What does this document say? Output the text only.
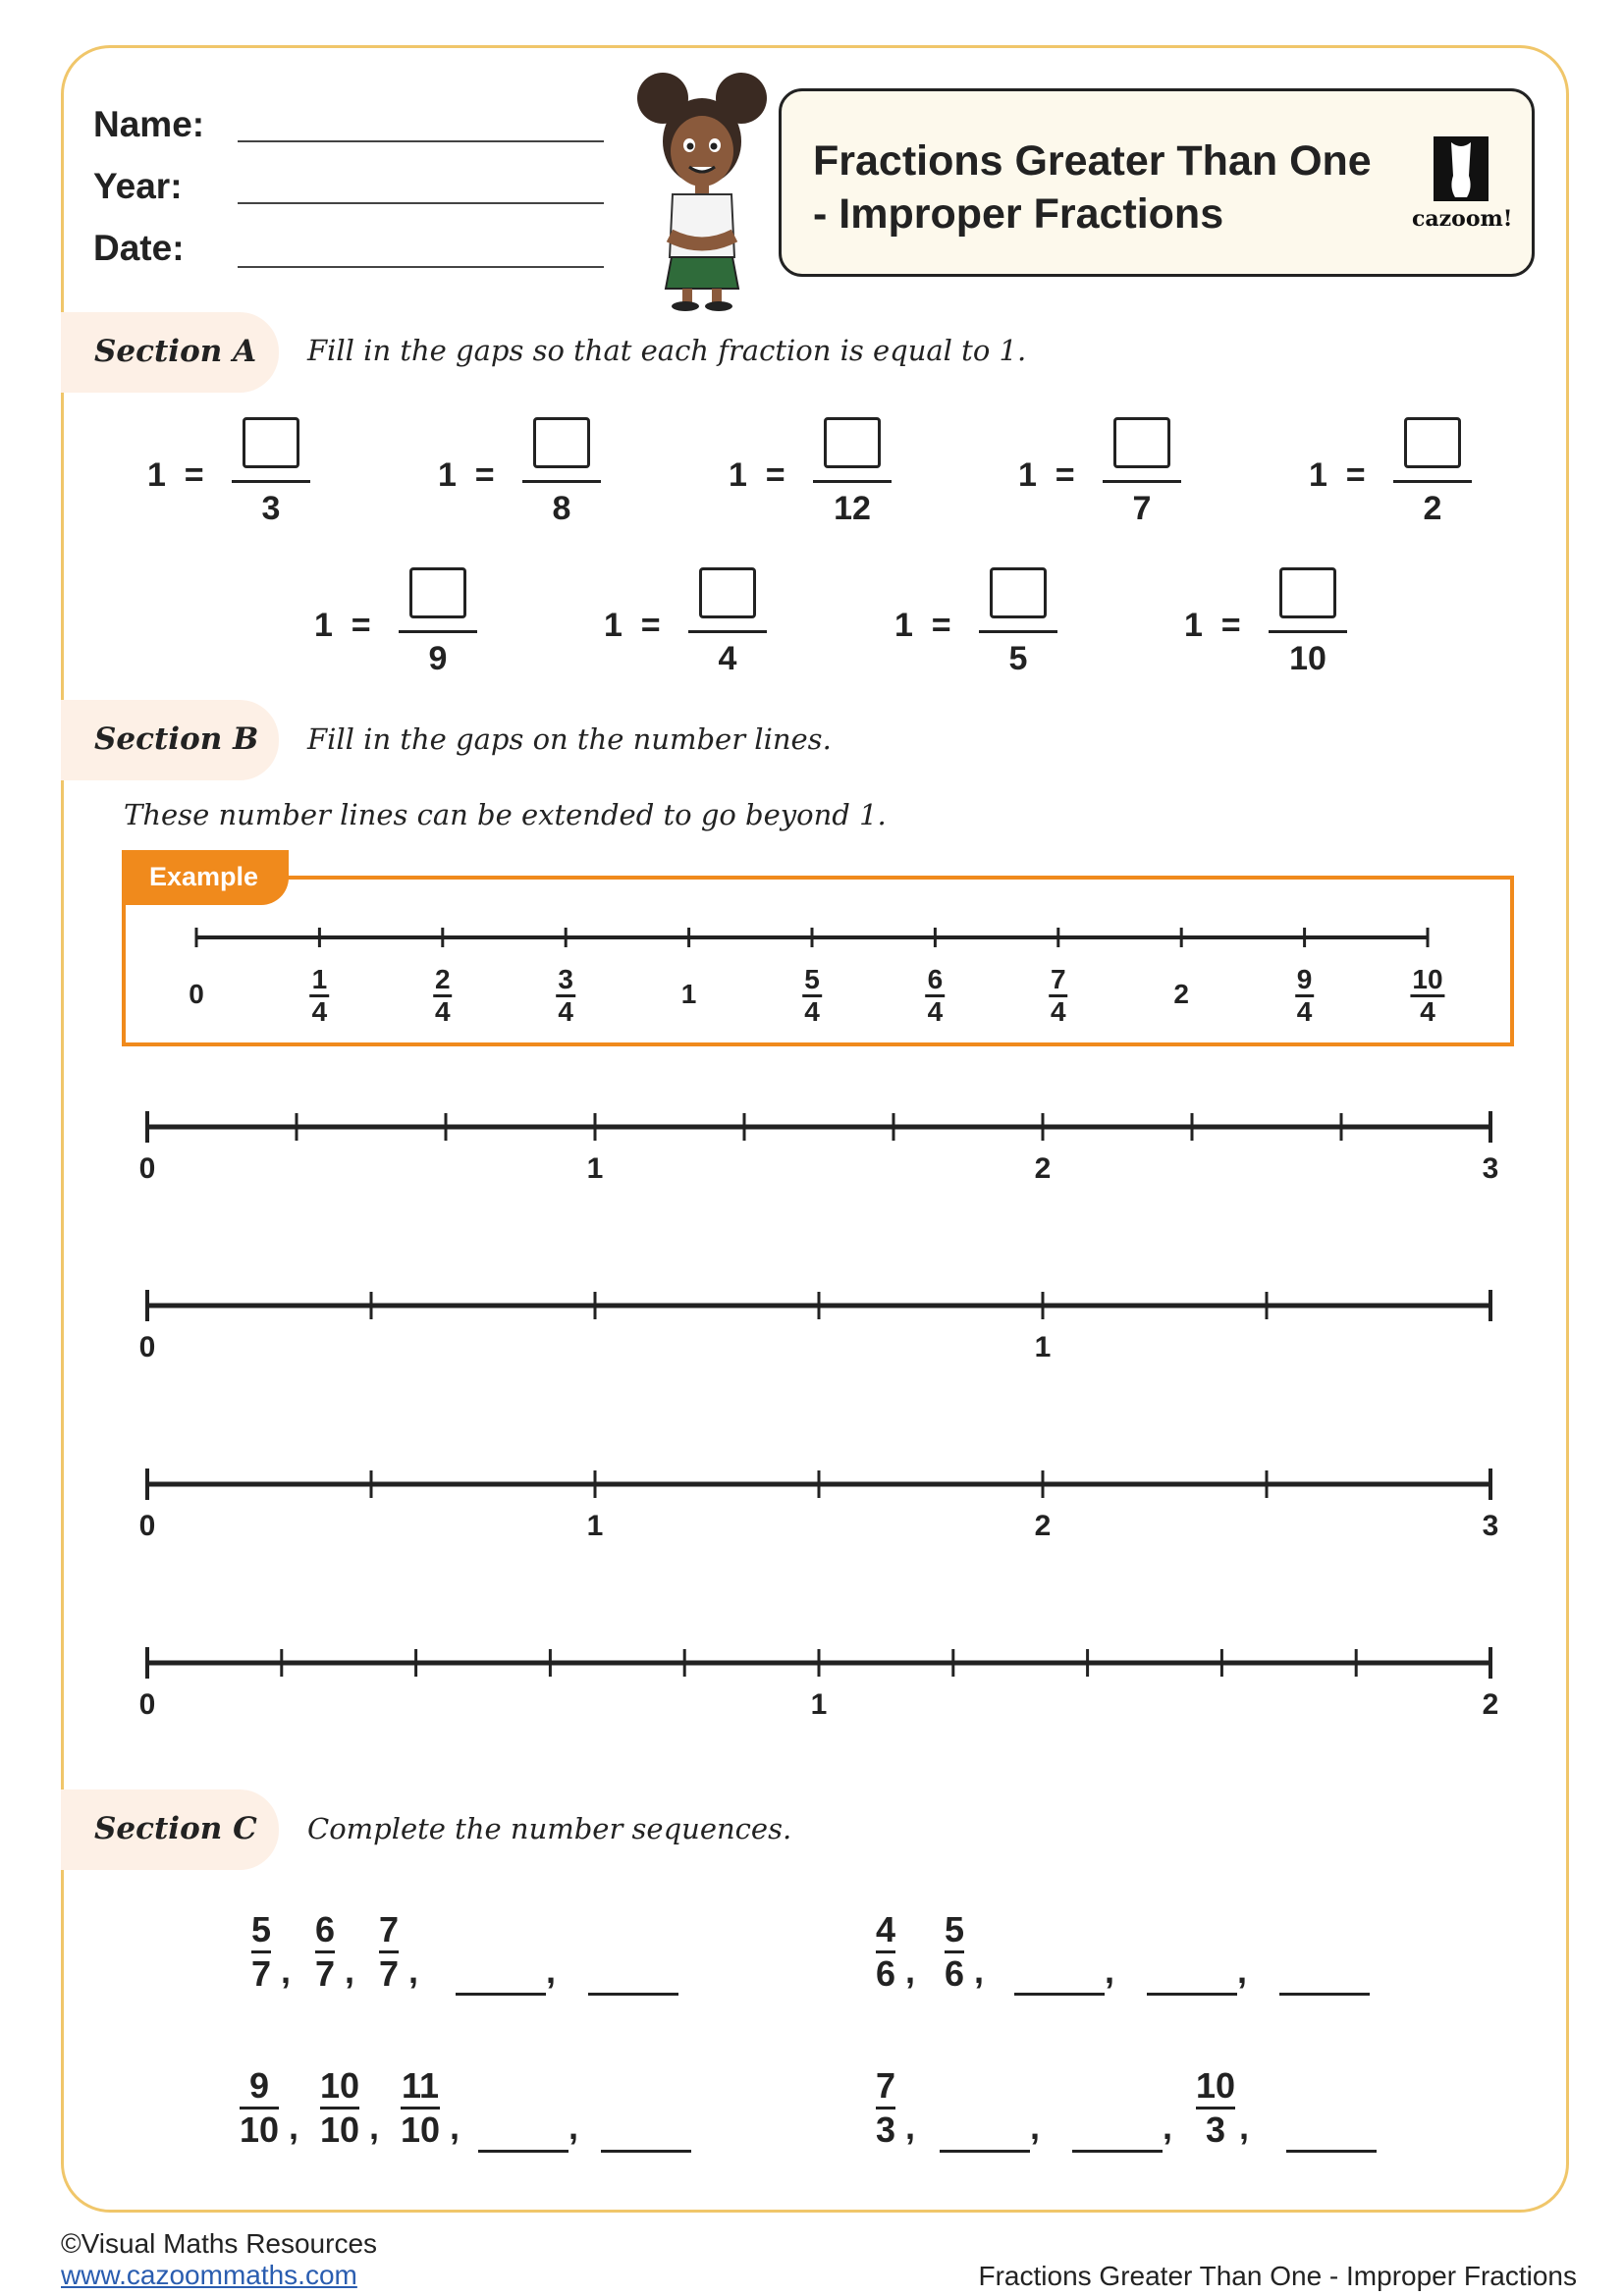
Name:
Year:
Date:
Fractions Greater Than One
- Improper Fractions	cazoom!
Section A Fill in the gaps so that each fraction is equal to 1.
1  =
3
1  =
8
1  =
12
1  =
7
1  =
2
1  =
9
1  =
4
1  =
5
1  =
10
Section B Fill in the gaps on the number lines.
These number lines can be extended to go beyond 1.
Example
0	$\frac{1}{4}$	$\frac{2}{4}$	$\frac{3}{4}$	1	$\frac{5}{4}$	$\frac{6}{4}$	$\frac{7}{4}$	2	$\frac{9}{4}$	$\frac{10}{4}$
0	1	2	3
0	1
0	1	2	3
0	1	2
Section C Complete the number sequences.
5
7 ,
6
7 ,
7
7 ,	,
4
6 ,
5
6 ,	,	,
9
10 ,
10
10 ,
11
10 ,	,
7
3 ,	,	,
10
3 ,
©Visual Maths Resources
www.cazoommaths.com	Fractions Greater Than One - Improper Fractions
